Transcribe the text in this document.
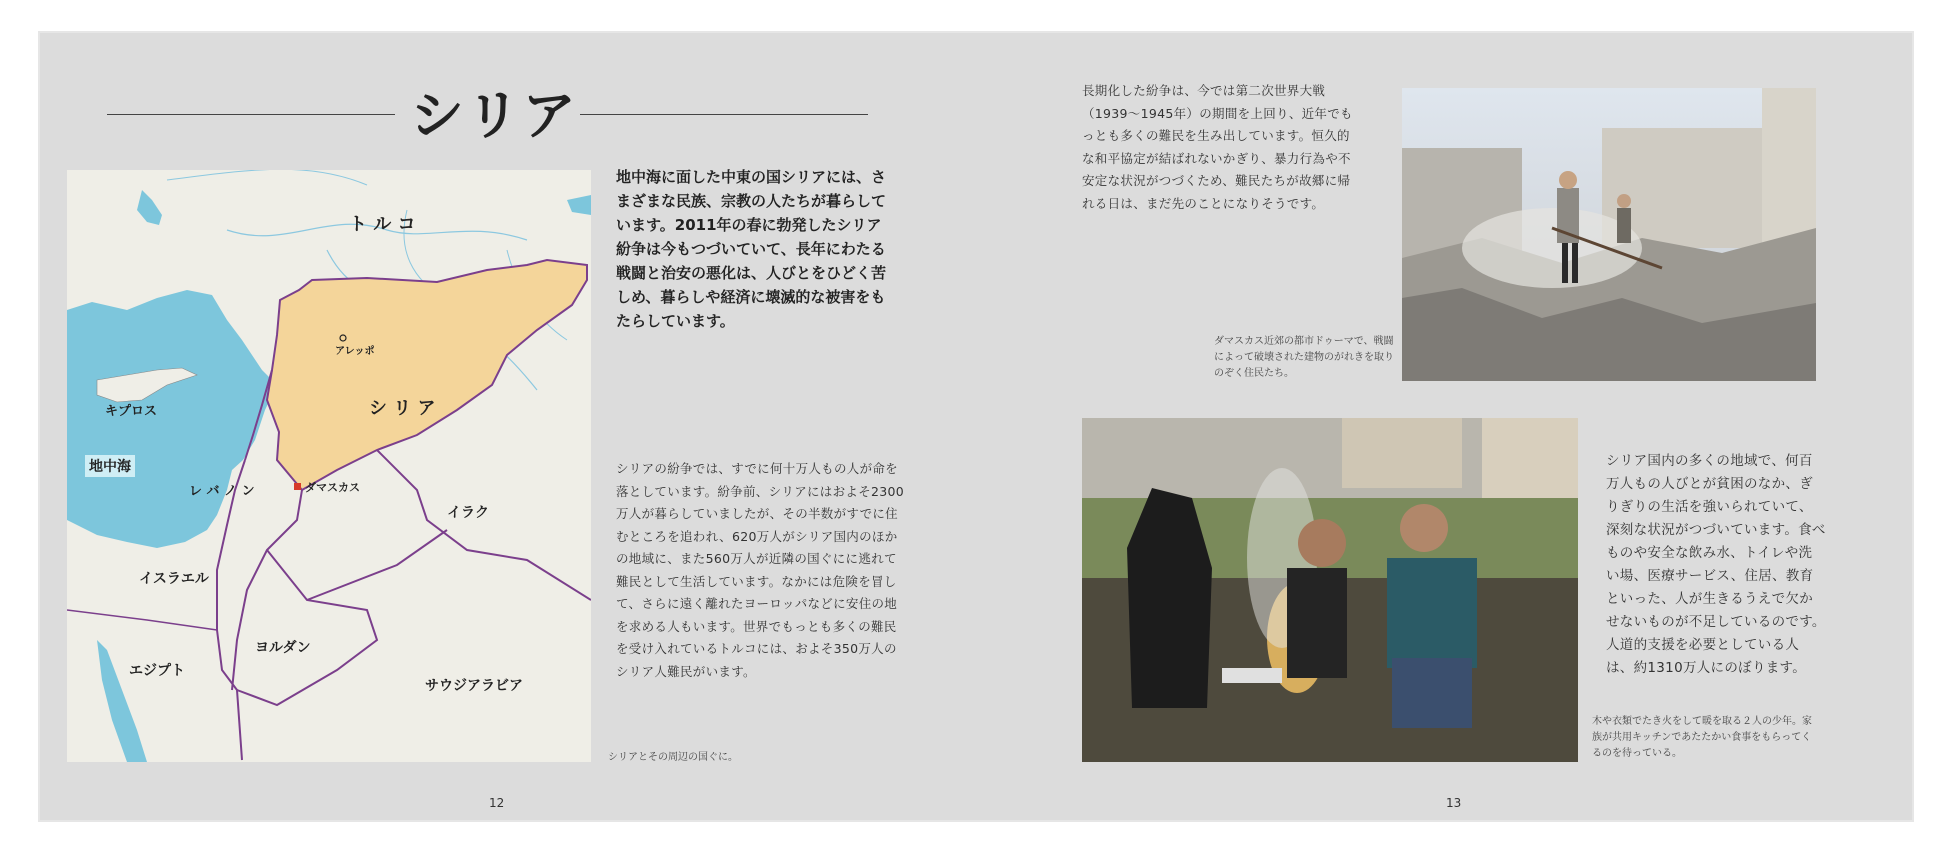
シリア
ト ル コ
キプロス
地中海
アレッポ
シ リ ア
レ バ ノ ン	ダマスカス
イラク
イスラエル
ヨルダン
エジプト
サウジアラビア
地中海に面した中東の国シリアには、さまざまな民族、宗教の人たちが暮らしています。2011年の春に勃発したシリア紛争は今もつづいていて、長年にわたる戦闘と治安の悪化は、人びとをひどく苦しめ、暮らしや経済に壊滅的な被害をもたらしています。
シリアの紛争では、すでに何十万人もの人が命を落としています。紛争前、シリアにはおよそ2300万人が暮らしていましたが、その半数がすでに住むところを追われ、620万人がシリア国内のほかの地域に、また560万人が近隣の国ぐにに逃れて難民として生活しています。なかには危険を冒して、さらに遠く離れたヨーロッパなどに安住の地を求める人もいます。世界でもっとも多くの難民を受け入れているトルコには、およそ350万人のシリア人難民がいます。
シリアとその周辺の国ぐに。
12
長期化した紛争は、今では第二次世界大戦（1939〜1945年）の期間を上回り、近年でもっとも多くの難民を生み出しています。恒久的な和平協定が結ばれないかぎり、暴力行為や不安定な状況がつづくため、難民たちが故郷に帰れる日は、まだ先のことになりそうです。
ダマスカス近郊の都市ドゥーマで、戦闘によって破壊された建物のがれきを取りのぞく住民たち。
シリア国内の多くの地域で、何百万人もの人びとが貧困のなか、ぎりぎりの生活を強いられていて、深刻な状況がつづいています。食べものや安全な飲み水、トイレや洗い場、医療サービス、住居、教育といった、人が生きるうえで欠かせないものが不足しているのです。人道的支援を必要としている人は、約1310万人にのぼります。
木や衣類でたき火をして暖を取る２人の少年。家族が共用キッチンであたたかい食事をもらってくるのを待っている。
13
